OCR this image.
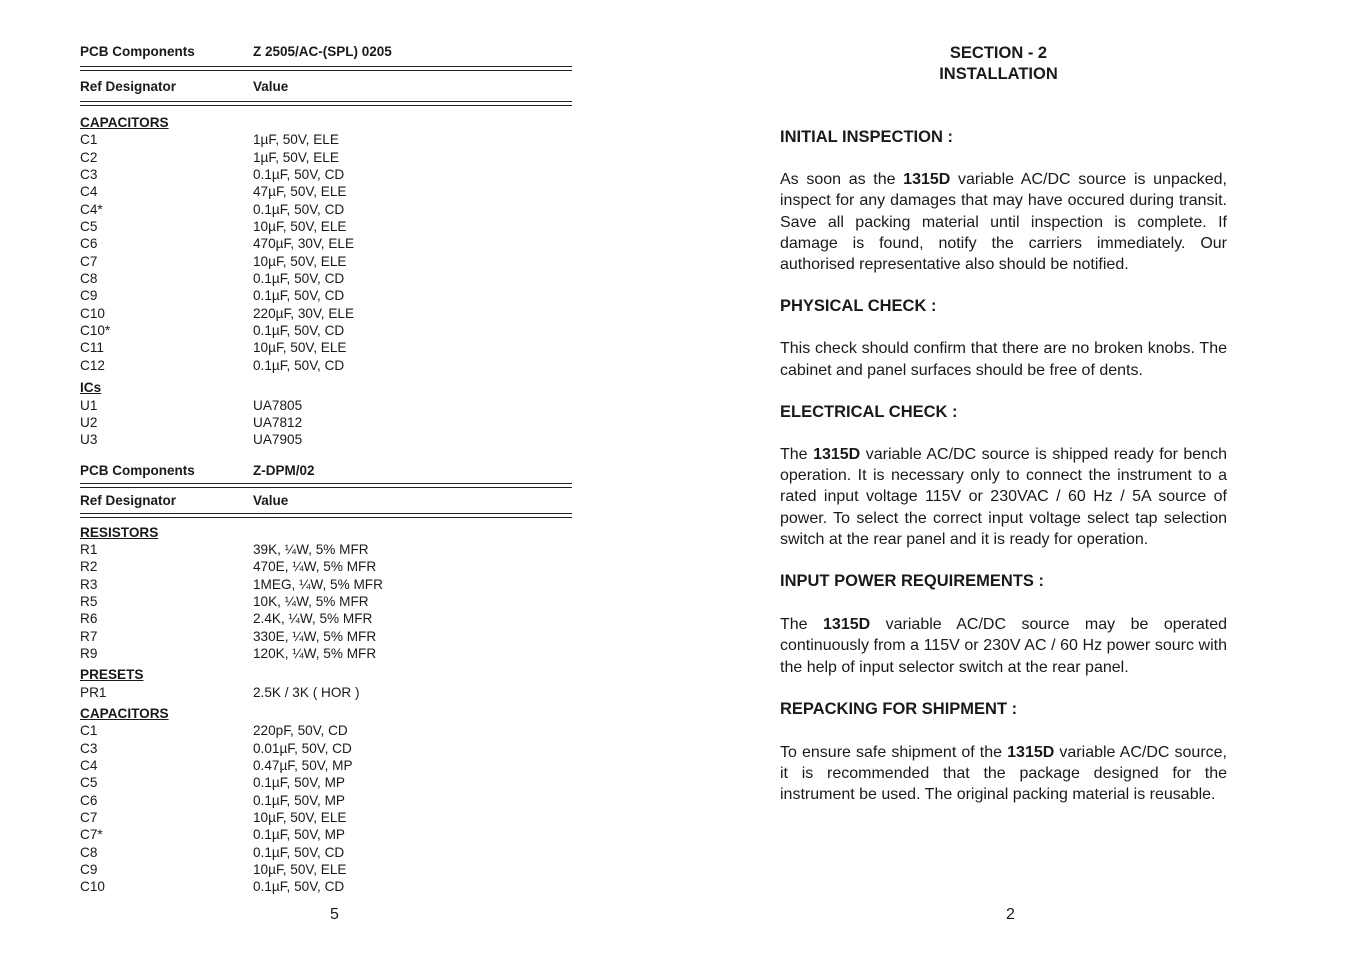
PCB Components	Z 2505/AC-(SPL) 0205
Ref Designator	Value
CAPACITORS
C1	1µF, 50V, ELE
C2	1µF, 50V, ELE
C3	0.1µF, 50V, CD
C4	47µF, 50V, ELE
C4*	0.1µF, 50V, CD
C5	10µF, 50V, ELE
C6	470µF, 30V, ELE
C7	10µF, 50V, ELE
C8	0.1µF, 50V, CD
C9	0.1µF, 50V, CD
C10	220µF, 30V, ELE
C10*	0.1µF, 50V, CD
C11	10µF, 50V, ELE
C12	0.1µF, 50V, CD
ICs
U1	UA7805
U2	UA7812
U3	UA7905
PCB Components	Z-DPM/02
Ref Designator	Value
RESISTORS
R1	39K, ¼W, 5% MFR
R2	470E, ¼W, 5% MFR
R3	1MEG, ¼W, 5% MFR
R5	10K, ¼W, 5% MFR
R6	2.4K, ¼W, 5% MFR
R7	330E, ¼W, 5% MFR
R9	120K, ¼W, 5% MFR
PRESETS
PR1	2.5K / 3K ( HOR )
CAPACITORS
C1	220pF, 50V, CD
C3	0.01µF, 50V, CD
C4	0.47µF, 50V, MP
C5	0.1µF, 50V, MP
C6	0.1µF, 50V, MP
C7	10µF, 50V, ELE
C7*	0.1µF, 50V, MP
C8	0.1µF, 50V, CD
C9	10µF, 50V, ELE
C10	0.1µF, 50V, CD
5
SECTION - 2
INSTALLATION
INITIAL INSPECTION :
As soon as the 1315D variable AC/DC source is unpacked, inspect for any damages that may have occured during transit. Save all packing material until inspection is complete. If damage is found, notify the carriers immediately. Our authorised representative also should be notified.
PHYSICAL CHECK :
This check should confirm that there are no broken knobs. The cabinet and panel surfaces should be free of dents.
ELECTRICAL CHECK :
The 1315D variable AC/DC source is shipped ready for bench operation. It is necessary only to connect the instrument to a rated input voltage 115V or 230VAC / 60 Hz / 5A source of power. To select the correct input voltage select tap selection switch at the rear panel and it is ready for operation.
INPUT POWER REQUIREMENTS :
The 1315D variable AC/DC source may be operated continuously from a 115V or 230V AC / 60 Hz power sourc with the help of input selector switch at the rear panel.
REPACKING FOR SHIPMENT :
To ensure safe shipment of the 1315D variable AC/DC source, it is recommended that the package designed for the instrument be used. The original packing material is reusable.
2
